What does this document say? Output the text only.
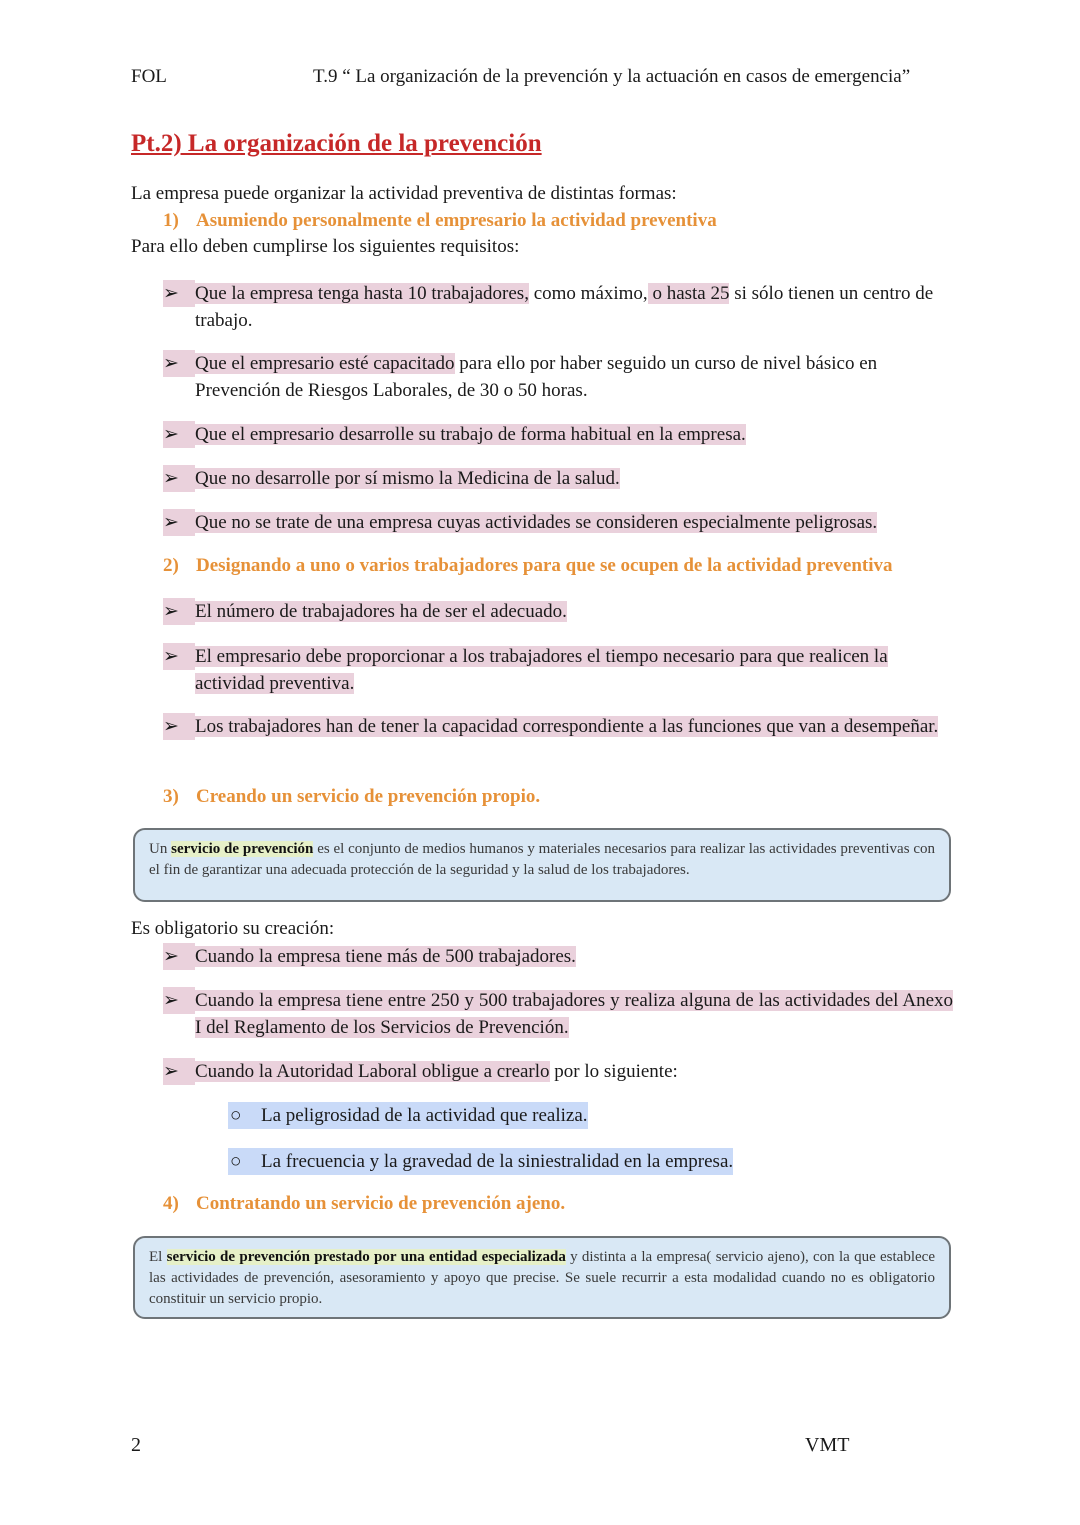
FOL	T.9 “ La organización de la prevención y la actuación en casos de emergencia”
Pt.2) La organización de la prevención
La empresa puede organizar la actividad preventiva de distintas formas:
1) Asumiendo personalmente el empresario la actividad preventiva
Para ello deben cumplirse los siguientes requisitos:
➢ Que la empresa tenga hasta 10 trabajadores, como máximo, o hasta 25 si sólo tienen un centro de trabajo.
➢ Que el empresario esté capacitado para ello por haber seguido un curso de nivel básico en Prevención de Riesgos Laborales, de 30 o 50 horas.
➢ Que el empresario desarrolle su trabajo de forma habitual en la empresa.
➢ Que no desarrolle por sí mismo la Medicina de la salud.
➢ Que no se trate de una empresa cuyas actividades se consideren especialmente peligrosas.
2) Designando a uno o varios trabajadores para que se ocupen de la actividad preventiva
➢ El número de trabajadores ha de ser el adecuado.
➢ El empresario debe proporcionar a los trabajadores el tiempo necesario para que realicen la actividad preventiva.
➢ Los trabajadores han de tener la capacidad correspondiente a las funciones que van a desempeñar.
3) Creando un servicio de prevención propio.
Un servicio de prevención es el conjunto de medios humanos y materiales necesarios para realizar las actividades preventivas con el fin de garantizar una adecuada protección de la seguridad y la salud de los trabajadores.
Es obligatorio su creación:
➢ Cuando la empresa tiene más de 500 trabajadores.
➢ Cuando la empresa tiene entre 250 y 500 trabajadores y realiza alguna de las actividades del Anexo I del Reglamento de los Servicios de Prevención.
➢ Cuando la Autoridad Laboral obligue a crearlo por lo siguiente:
○ La peligrosidad de la actividad que realiza.
○ La frecuencia y la gravedad de la siniestralidad en la empresa.
4) Contratando un servicio de prevención ajeno.
El servicio de prevención prestado por una entidad especializada y distinta a la empresa( servicio ajeno), con la que establece las actividades de prevención, asesoramiento y apoyo que precise. Se suele recurrir a esta modalidad cuando no es obligatorio constituir un servicio propio.
2	VMT
